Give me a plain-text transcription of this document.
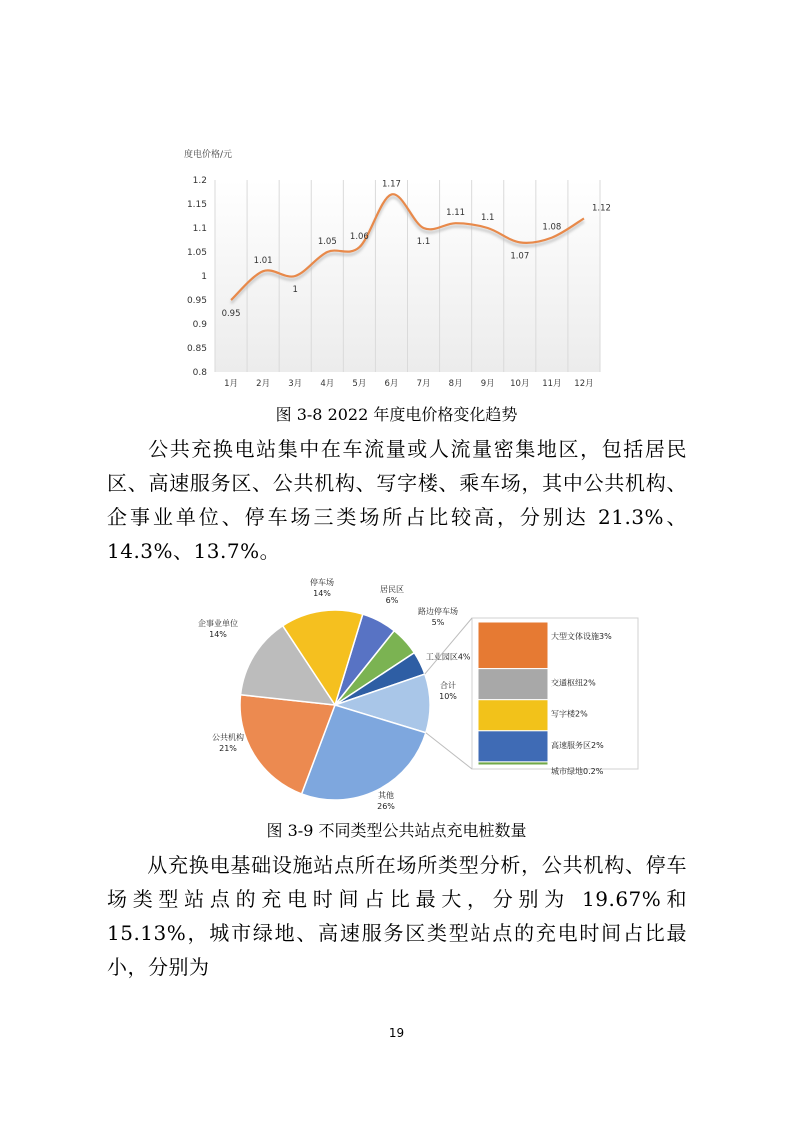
度电价格/元
0.8
0.85
0.9
0.95
1
1.05
1.1
1.15
1.2
1月 2月 3月 4月 5月 6月 7月 8月 9月 10月 11月 12月
0.95
1.01
1
1.05 1.06
1.17
1.1
1.11 1.1
1.07
1.08
1.12
图 3-8 2022 年度电价格变化趋势
公共充换电站集中在车流量或人流量密集地区，包括居民区、高速服务区、公共机构、写字楼、乘车场，其中公共机构、企事业单位、停车场三类场所占比较高，分别达 21.3%、14.3%、13.7%。
居民区
6%
路边停车场
5%
工业园区4%
合计
10%
其他
26%
公共机构
21%
企事业单位
14%
停车场
14%
大型文体设施3%
交通枢纽2%
写字楼2%
高速服务区2%
城市绿地0.2%
图 3-9 不同类型公共站点充电桩数量
从充换电基础设施站点所在场所类型分析，公共机构、停车场类型站点的充电时间占比最大，分别为 19.67%和 15.13%，城市绿地、高速服务区类型站点的充电时间占比最小，分别为
19
